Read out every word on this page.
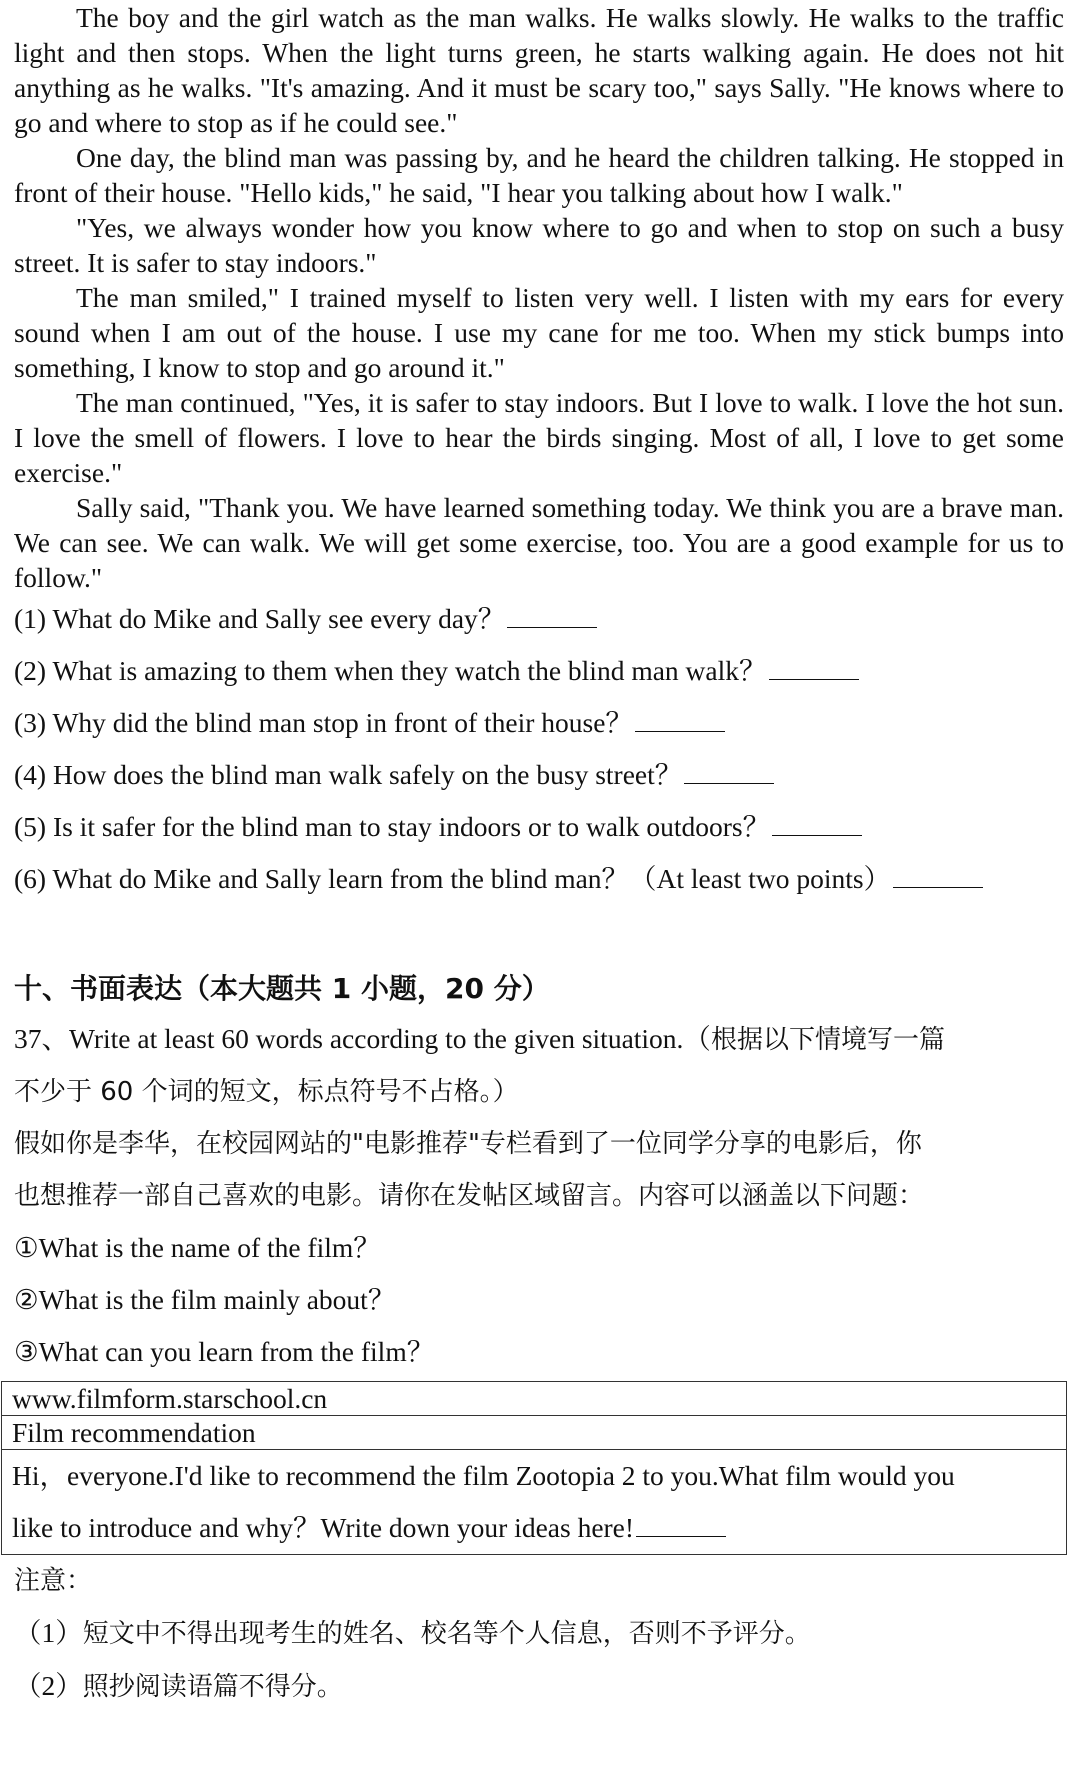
The boy and the girl watch as the man walks. He walks slowly. He walks to the traffic light and then stops. When the light turns green, he starts walking again. He does not hit anything as he walks. "It's amazing. And it must be scary too," says Sally. "He knows where to go and where to stop as if he could see."

One day, the blind man was passing by, and he heard the children talking. He stopped in front of their house. "Hello kids," he said, "I hear you talking about how I walk."

"Yes, we always wonder how you know where to go and when to stop on such a busy street. It is safer to stay indoors."

The man smiled," I trained myself to listen very well. I listen with my ears for every sound when I am out of the house. I use my cane for me too. When my stick bumps into something, I know to stop and go around it."

The man continued, "Yes, it is safer to stay indoors. But I love to walk. I love the hot sun. I love the smell of flowers. I love to hear the birds singing. Most of all, I love to get some exercise."

Sally said, "Thank you. We have learned something today. We think you are a brave man. We can see. We can walk. We will get some exercise, too. You are a good example for us to follow."

(1) What do Mike and Sally see every day？

(2) What is amazing to them when they watch the blind man walk？

(3) Why did the blind man stop in front of their house？

(4) How does the blind man walk safely on the busy street？

(5) Is it safer for the blind man to stay indoors or to walk outdoors？

(6) What do Mike and Sally learn from the blind man？（At least two points）

十、书面表达（本大题共 1 小题，20 分）

37、Write at least 60 words according to the given situation.（根据以下情境写一篇

不少于 60 个词的短文，标点符号不占格。）

假如你是李华，在校园网站的"电影推荐"专栏看到了一位同学分享的电影后，你

也想推荐一部自己喜欢的电影。请你在发帖区域留言。内容可以涵盖以下问题：

①What is the name of the film？

②What is the film mainly about？

③What can you learn from the film？

www.filmform.starschool.cn
Film recommendation
Hi，everyone.I'd like to recommend the film Zootopia 2 to you.What film would you
like to introduce and why？Write down your ideas here!

注意：

（1）短文中不得出现考生的姓名、校名等个人信息，否则不予评分。

（2）照抄阅读语篇不得分。
